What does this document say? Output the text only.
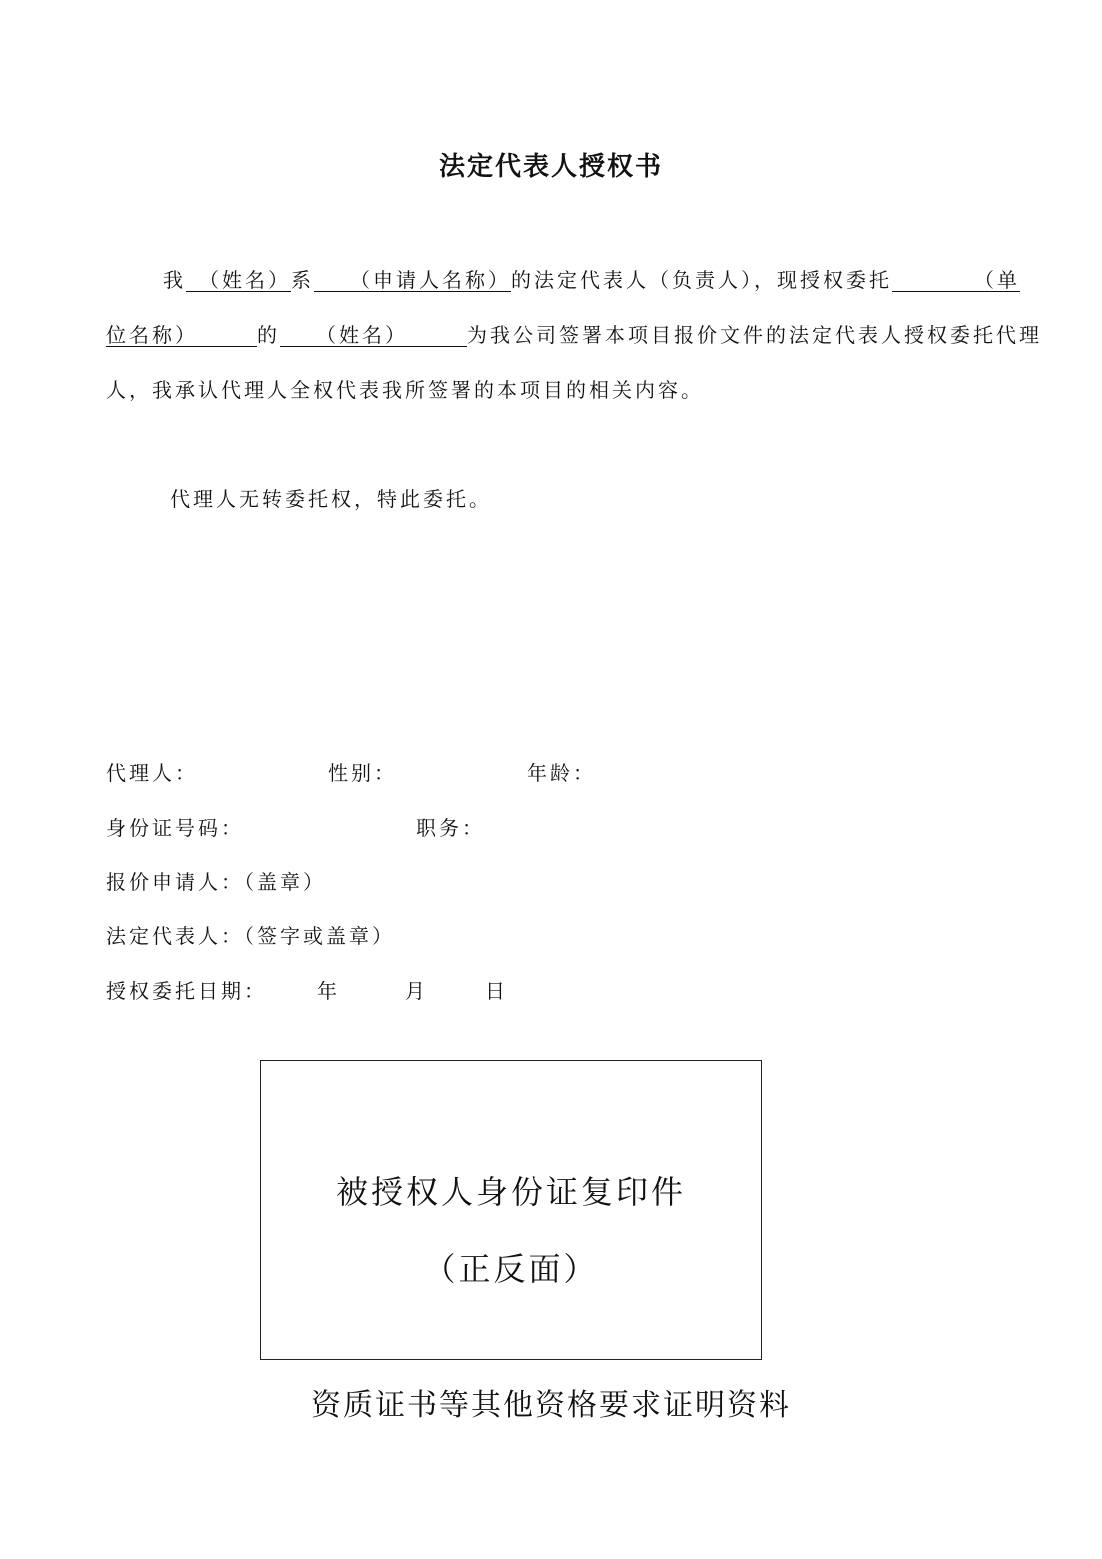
法定代表人授权书
我　（姓名）系　　（申请人名称）的法定代表人（负责人），现授权委托　　　　（单
位名称）　　　的　　（姓名）　　　为我公司签署本项目报价文件的法定代表人授权委托代理
人，我承认代理人全权代表我所签署的本项目的相关内容。
代理人无转委托权，特此委托。
代理人：	性别：	年龄：
身份证号码：	职务：
报价申请人：（盖章）
法定代表人：（签字或盖章）
授权委托日期：	年	月	日
被授权人身份证复印件
（正反面）
资质证书等其他资格要求证明资料
